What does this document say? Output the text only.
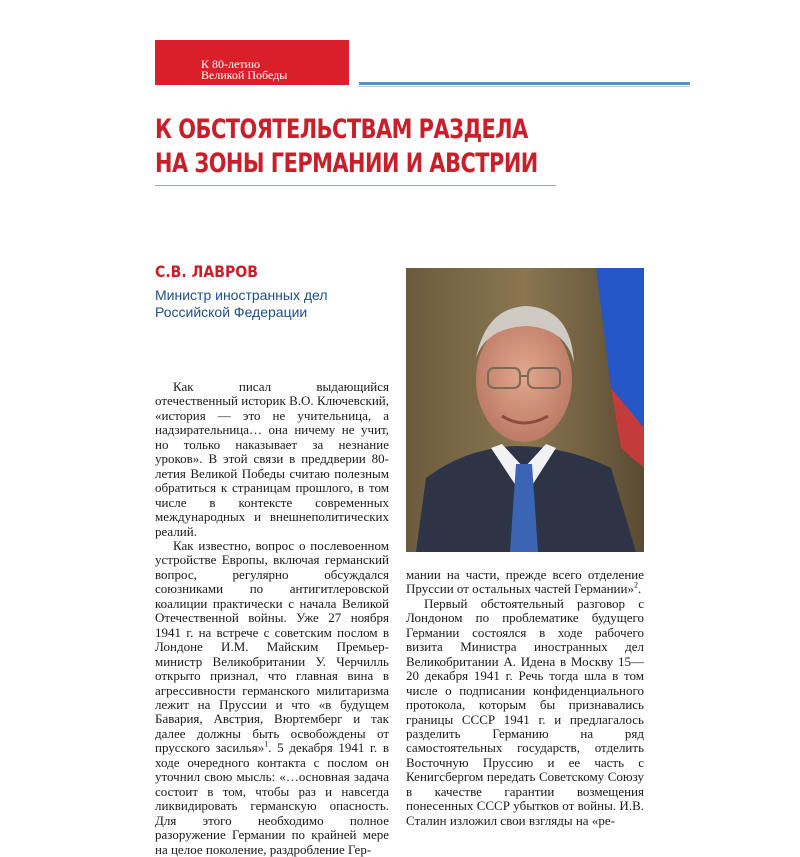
К 80-летию
Великой Победы
К ОБСТОЯТЕЛЬСТВАМ РАЗДЕЛА
НА ЗОНЫ ГЕРМАНИИ И АВСТРИИ
С.В. ЛАВРОВ
Министр иностранных дел
Российской Федерации

Как писал выдающийся отечественный историк В.О. Ключевский, «история — это не учительница, а надзирательница… она ничему не учит, но только наказывает за незнание уроков». В этой связи в преддверии 80-летия Великой Победы считаю полезным обратиться к страницам прошлого, в том числе в контексте современных международных и внешнеполитических реалий.

Как известно, вопрос о послевоенном устройстве Европы, включая германский вопрос, регулярно обсуждался союзниками по антигитлеровской коалиции практически с начала Великой Отечественной войны. Уже 27 ноября 1941 г. на встрече с советским послом в Лондоне И.М. Майским Премьер-министр Великобритании У. Черчилль открыто признал, что главная вина в агрессивности германского милитаризма лежит на Пруссии и что «в будущем Бавария, Австрия, Вюртемберг и так далее должны быть освобождены от прусского засилья»$^1$. 5 декабря 1941 г. в ходе очередного контакта с послом он уточнил свою мысль: «…основная задача состоит в том, чтобы раз и навсегда ликвидировать германскую опасность. Для этого необходимо полное разоружение Германии по крайней мере на целое поколение, раздробление Гер-

мании на части, прежде всего отделение Пруссии от остальных частей Германии»$^2$.

Первый обстоятельный разговор с Лондоном по проблематике будущего Германии состоялся в ходе рабочего визита Министра иностранных дел Великобритании А. Идена в Москву 15—20 декабря 1941 г. Речь тогда шла в том числе о подписании конфиденциального протокола, которым бы признавались границы СССР 1941 г. и предлагалось разделить Германию на ряд самостоятельных государств, отделить Восточную Пруссию и ее часть с Кенигсбергом передать Советскому Союзу в качестве гарантии возмещения понесенных СССР убытков от войны. И.В. Сталин изложил свои взгляды на «ре-
